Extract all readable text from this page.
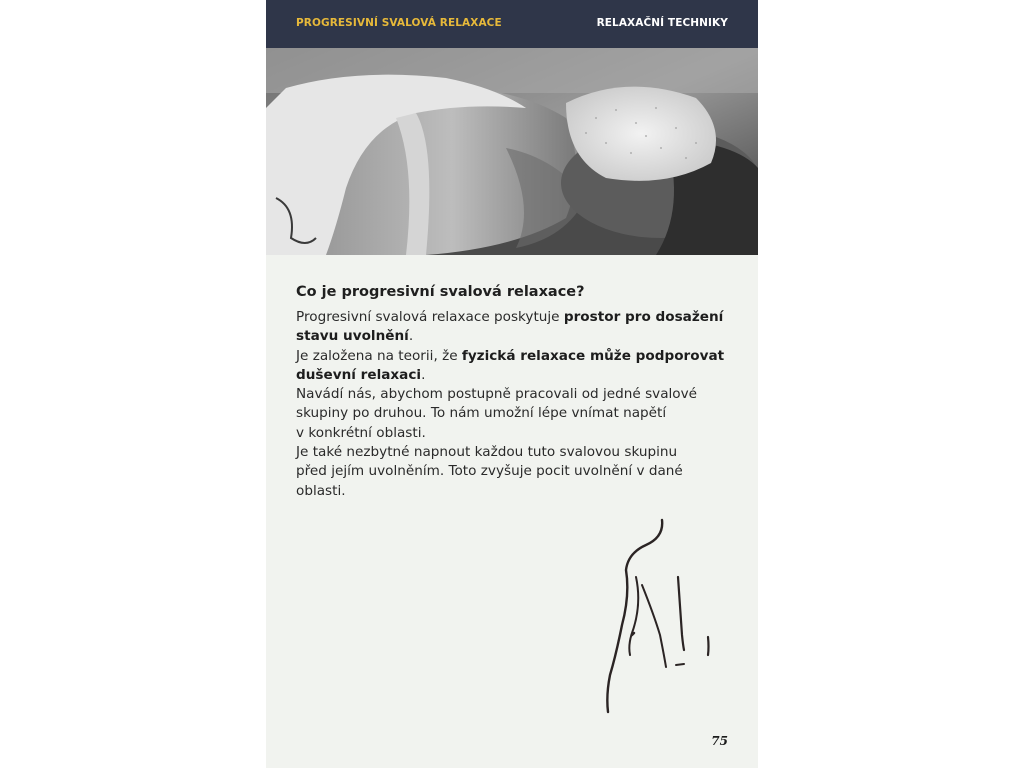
PROGRESIVNÍ SVALOVÁ RELAXACE	RELAXAČNÍ TECHNIKY
Co je progresivní svalová relaxace?

Progresivní svalová relaxace poskytuje prostor pro dosažení stavu uvolnění.

Je založena na teorii, že fyzická relaxace může podporovat duševní relaxaci.

Navádí nás, abychom postupně pracovali od jedné svalové
skupiny po druhou. To nám umožní lépe vnímat napětí
v konkrétní oblasti.

Je také nezbytné napnout každou tuto svalovou skupinu
před jejím uvolněním. Toto zvyšuje pocit uvolnění v dané
oblasti.

75
